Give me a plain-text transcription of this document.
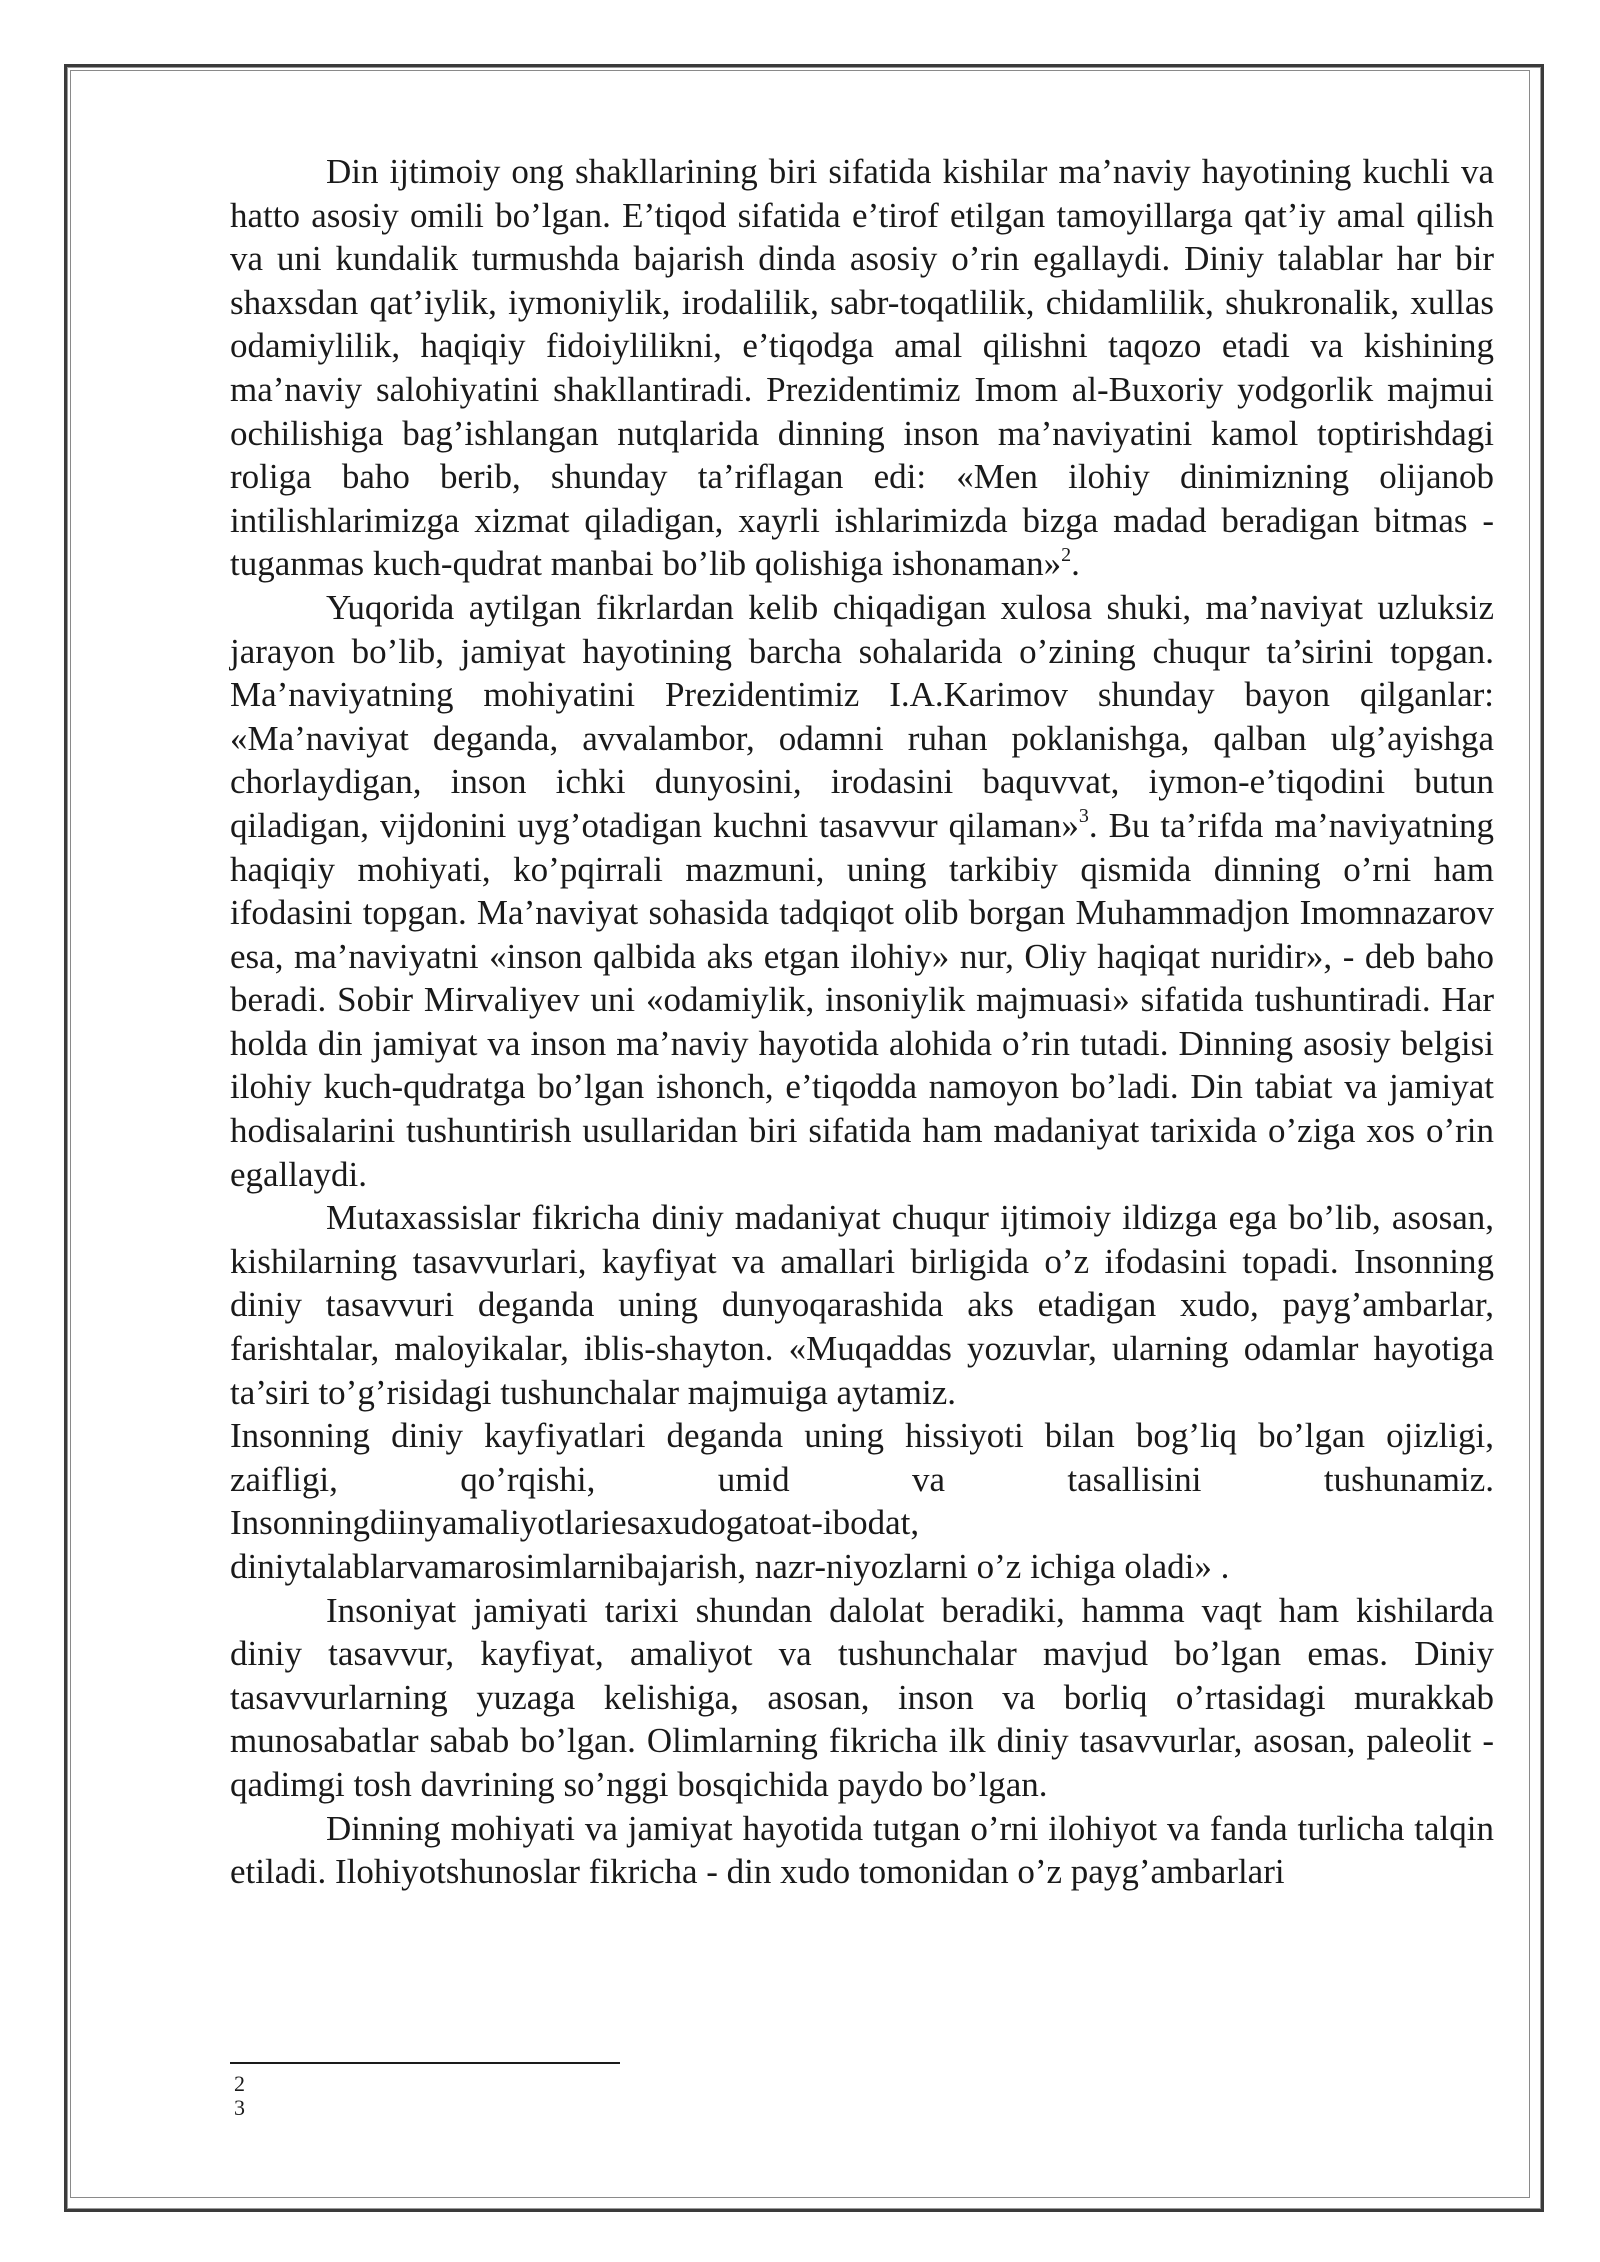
Din ijtimoiy ong shakllarining biri sifatida kishilar ma’naviy hayotining kuchli va hatto asosiy omili bo’lgan. E’tiqod sifatida e’tirof etilgan tamoyillarga qat’iy amal qilish va uni kundalik turmushda bajarish dinda asosiy o’rin egallaydi. Diniy talablar har bir shaxsdan qat’iylik, iymoniylik, irodalilik, sabr-toqatlilik, chidamlilik, shukronalik, xullas odamiylilik, haqiqiy fidoiylilikni, e’tiqodga amal qilishni taqozo etadi va kishining ma’naviy salohiyatini shakllantiradi. Prezidentimiz Imom al-Buxoriy yodgorlik majmui ochilishiga bag’ishlangan nutqlarida dinning inson ma’naviyatini kamol toptirishdagi roliga baho berib, shunday ta’riflagan edi: «Men ilohiy dinimizning olijanob intilishlarimizga xizmat qiladigan, xayrli ishlarimizda bizga madad beradigan bitmas - tuganmas kuch-qudrat manbai bo’lib qolishiga ishonaman»$^2$.

Yuqorida aytilgan fikrlardan kelib chiqadigan xulosa shuki, ma’naviyat uzluksiz jarayon bo’lib, jamiyat hayotining barcha sohalarida o’zining chuqur ta’sirini topgan. Ma’naviyatning mohiyatini Prezidentimiz I.A.Karimov shunday bayon qilganlar: «Ma’naviyat deganda, avvalambor, odamni ruhan poklanishga, qalban ulg’ayishga chorlaydigan, inson ichki dunyosini, irodasini baquvvat, iymon-e’tiqodini butun qiladigan, vijdonini uyg’otadigan kuchni tasavvur qilaman»$^3$. Bu ta’rifda ma’naviyatning haqiqiy mohiyati, ko’pqirrali mazmuni, uning tarkibiy qismida dinning o’rni ham ifodasini topgan. Ma’naviyat sohasida tadqiqot olib borgan Muhammadjon Imomnazarov esa, ma’naviyatni «inson qalbida aks etgan ilohiy» nur, Oliy haqiqat nuridir», - deb baho beradi. Sobir Mirvaliyev uni «odamiylik, insoniylik majmuasi» sifatida tushuntiradi. Har holda din jamiyat va inson ma’naviy hayotida alohida o’rin tutadi. Dinning asosiy belgisi ilohiy kuch-qudratga bo’lgan ishonch, e’tiqodda namoyon bo’ladi. Din tabiat va jamiyat hodisalarini tushuntirish usullaridan biri sifatida ham madaniyat tarixida o’ziga xos o’rin egallaydi.

Mutaxassislar fikricha diniy madaniyat chuqur ijtimoiy ildizga ega bo’lib, asosan, kishilarning tasavvurlari, kayfiyat va amallari birligida o’z ifodasini topadi. Insonning diniy tasavvuri deganda uning dunyoqarashida aks etadigan xudo, payg’ambarlar, farishtalar, maloyikalar, iblis-shayton. «Muqaddas yozuvlar, ularning odamlar hayotiga ta’siri to’g’risidagi tushunchalar majmuiga aytamiz.

Insonning diniy kayfiyatlari deganda uning hissiyoti bilan bog’liq bo’lgan ojizligi, zaifligi, qo’rqishi, umid va tasallisini tushunamiz. Insonningdiinyamaliyotlariesaxudogatoat-ibodat,

diniytalablarvamarosimlarnibajarish, nazr-niyozlarni o’z ichiga oladi» .

Insoniyat jamiyati tarixi shundan dalolat beradiki, hamma vaqt ham kishilarda diniy tasavvur, kayfiyat, amaliyot va tushunchalar mavjud bo’lgan emas. Diniy tasavvurlarning yuzaga kelishiga, asosan, inson va borliq o’rtasidagi murakkab munosabatlar sabab bo’lgan. Olimlarning fikricha ilk diniy tasavvurlar, asosan, paleolit - qadimgi tosh davrining so’nggi bosqichida paydo bo’lgan.

Dinning mohiyati va jamiyat hayotida tutgan o’rni ilohiyot va fanda turlicha talqin etiladi. Ilohiyotshunoslar fikricha - din xudo tomonidan o’z payg’ambarlari

2
3
